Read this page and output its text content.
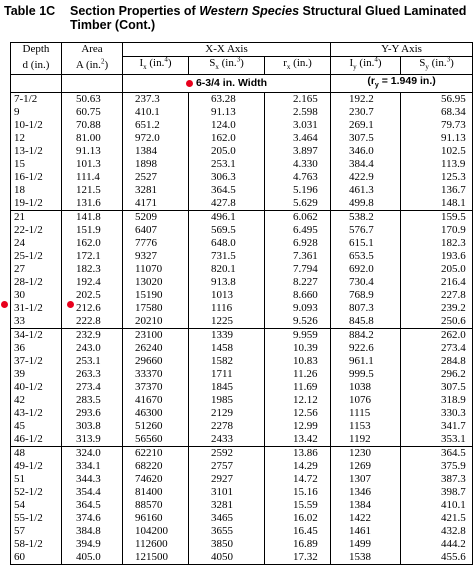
Table 1C Section Properties of Western Species Structural Glued Laminated Timber (Cont.)
Depth	Area	X-X Axis			Y-Y Axis	
d (in.)	A (in.$^2$)	$I_x$ (in.$^4$)	$S_x$ (in.$^3$)	$r_x$ (in.)	$I_y$ (in.$^4$)	$S_y$ (in.$^3$)
		6-3/4 in. Width			($r_y = 1.949$ in.)	
7-1/2	50.63	237.3	63.28	2.165	192.2	56.95
9	60.75	410.1	91.13	2.598	230.7	68.34
10-1/2	70.88	651.2	124.0	3.031	269.1	79.73
12	81.00	972.0	162.0	3.464	307.5	91.13
13-1/2	91.13	1384	205.0	3.897	346.0	102.5
15	101.3	1898	253.1	4.330	384.4	113.9
16-1/2	111.4	2527	306.3	4.763	422.9	125.3
18	121.5	3281	364.5	5.196	461.3	136.7
19-1/2	131.6	4171	427.8	5.629	499.8	148.1
21	141.8	5209	496.1	6.062	538.2	159.5
22-1/2	151.9	6407	569.5	6.495	576.7	170.9
24	162.0	7776	648.0	6.928	615.1	182.3
25-1/2	172.1	9327	731.5	7.361	653.5	193.6
27	182.3	11070	820.1	7.794	692.0	205.0
28-1/2	192.4	13020	913.8	8.227	730.4	216.4
30	202.5	15190	1013	8.660	768.9	227.8
31-1/2	212.6	17580	1116	9.093	807.3	239.2
33	222.8	20210	1225	9.526	845.8	250.6
34-1/2	232.9	23100	1339	9.959	884.2	262.0
36	243.0	26240	1458	10.39	922.6	273.4
37-1/2	253.1	29660	1582	10.83	961.1	284.8
39	263.3	33370	1711	11.26	999.5	296.2
40-1/2	273.4	37370	1845	11.69	1038	307.5
42	283.5	41670	1985	12.12	1076	318.9
43-1/2	293.6	46300	2129	12.56	1115	330.3
45	303.8	51260	2278	12.99	1153	341.7
46-1/2	313.9	56560	2433	13.42	1192	353.1
48	324.0	62210	2592	13.86	1230	364.5
49-1/2	334.1	68220	2757	14.29	1269	375.9
51	344.3	74620	2927	14.72	1307	387.3
52-1/2	354.4	81400	3101	15.16	1346	398.7
54	364.5	88570	3281	15.59	1384	410.1
55-1/2	374.6	96160	3465	16.02	1422	421.5
57	384.8	104200	3655	16.45	1461	432.8
58-1/2	394.9	112600	3850	16.89	1499	444.2
60	405.0	121500	4050	17.32	1538	455.6
